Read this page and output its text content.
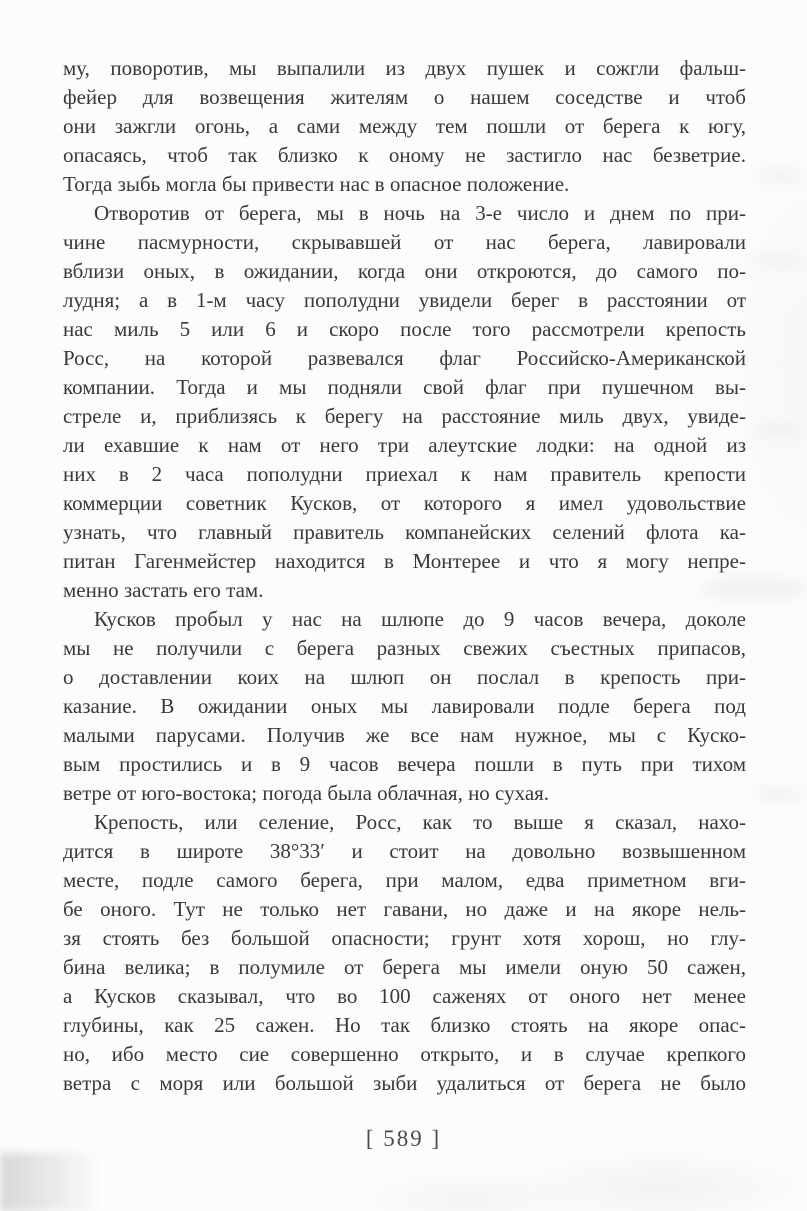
му, поворотив, мы выпалили из двух пушек и сожгли фальш-
фейер для возвещения жителям о нашем соседстве и чтоб
они зажгли огонь, а сами между тем пошли от берега к югу,
опасаясь, чтоб так близко к оному не застигло нас безветрие.
Тогда зыбь могла бы привести нас в опасное положение.
Отворотив от берега, мы в ночь на 3-е число и днем по при-
чине пасмурности, скрывавшей от нас берега, лавировали
вблизи оных, в ожидании, когда они откроются, до самого по-
лудня; а в 1-м часу пополудни увидели берег в расстоянии от
нас миль 5 или 6 и скоро после того рассмотрели крепость
Росс, на которой развевался флаг Российско-Американской
компании. Тогда и мы подняли свой флаг при пушечном вы-
стреле и, приблизясь к берегу на расстояние миль двух, увиде-
ли ехавшие к нам от него три алеутские лодки: на одной из
них в 2 часа пополудни приехал к нам правитель крепости
коммерции советник Кусков, от которого я имел удовольствие
узнать, что главный правитель компанейских селений флота ка-
питан Гагенмейстер находится в Монтерее и что я могу непре-
менно застать его там.
Кусков пробыл у нас на шлюпе до 9 часов вечера, доколе
мы не получили с берега разных свежих съестных припасов,
о доставлении коих на шлюп он послал в крепость при-
казание. В ожидании оных мы лавировали подле берега под
малыми парусами. Получив же все нам нужное, мы с Куско-
вым простились и в 9 часов вечера пошли в путь при тихом
ветре от юго-востока; погода была облачная, но сухая.
Крепость, или селение, Росс, как то выше я сказал, нахо-
дится в широте 38°33′ и стоит на довольно возвышенном
месте, подле самого берега, при малом, едва приметном вги-
бе оного. Тут не только нет гавани, но даже и на якоре нель-
зя стоять без большой опасности; грунт хотя хорош, но глу-
бина велика; в полумиле от берега мы имели оную 50 сажен,
а Кусков сказывал, что во 100 саженях от оного нет менее
глубины, как 25 сажен. Но так близко стоять на якоре опас-
но, ибо место сие совершенно открыто, и в случае крепкого
ветра с моря или большой зыби удалиться от берега не было
[ 589 ]
